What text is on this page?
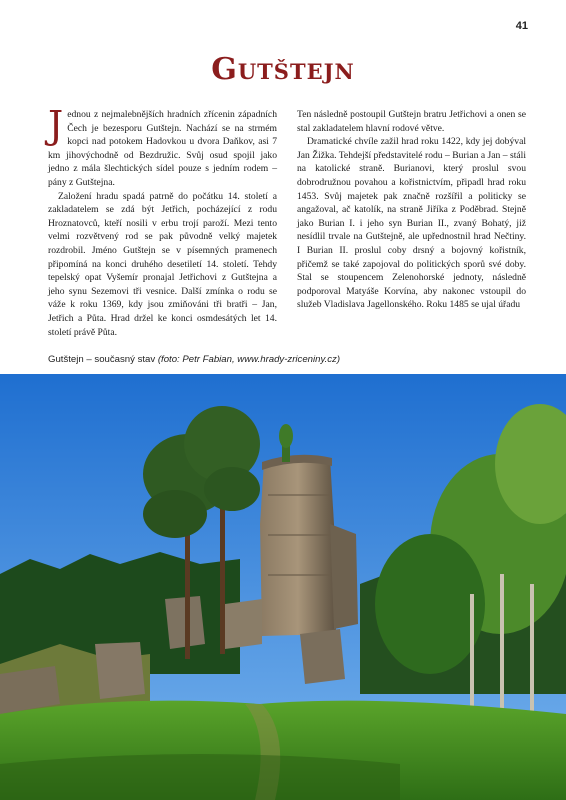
41
Gutštejn

Jednou z nejmalebnějších hradních zřícenin západních Čech je bezesporu Gutštejn. Nachází se na strmém kopci nad potokem Hadovkou u dvora Daňkov, asi 7 km jihovýchodně od Bezdružic. Svůj osud spojil jako jedno z mála šlechtických sídel pouze s jedním rodem – pány z Gutštejna.

Založení hradu spadá patrně do počátku 14. století a zakladatelem se zdá být Jetřich, pocházející z rodu Hroznatovců, kteří nosili v erbu trojí paroží. Mezi tento velmi rozvětvený rod se pak původně velký majetek rozdrobil. Jméno Gutštejn se v písemných pramenech připomíná na konci druhého desetiletí 14. století. Tehdy tepelský opat Vyšemír pronajal Jetřichovi z Gutštejna a jeho synu Sezemovi tři vesnice. Další zmínka o rodu se váže k roku 1369, kdy jsou zmiňováni tři bratři – Jan, Jetřich a Půta. Hrad držel ke konci osmdesátých let 14. století právě Půta.

Ten následně postoupil Gutštejn bratru Jetřichovi a onen se stal zakladatelem hlavní rodové větve.

Dramatické chvíle zažil hrad roku 1422, kdy jej dobýval Jan Žižka. Tehdejší představitelé rodu – Burian a Jan – stáli na katolické straně. Burianovi, který proslul svou dobrodružnou povahou a kořistnictvím, připadl hrad roku 1453. Svůj majetek pak značně rozšířil a politicky se angažoval, ač katolík, na straně Jiříka z Poděbrad. Stejně jako Burian I. i jeho syn Burian II., zvaný Bohatý, již nesídlil trvale na Gutštejně, ale upřednostnil hrad Nečtiny. I Burian II. proslul coby drsný a bojovný kořistník, přičemž se také zapojoval do politických sporů své doby. Stal se stoupencem Zelenohorské jednoty, následně podporoval Matyáše Korvína, aby nakonec vstoupil do služeb Vladislava Jagellonského. Roku 1485 se ujal úřadu

Gutštejn – současný stav (foto: Petr Fabian, www.hrady-zriceniny.cz)
